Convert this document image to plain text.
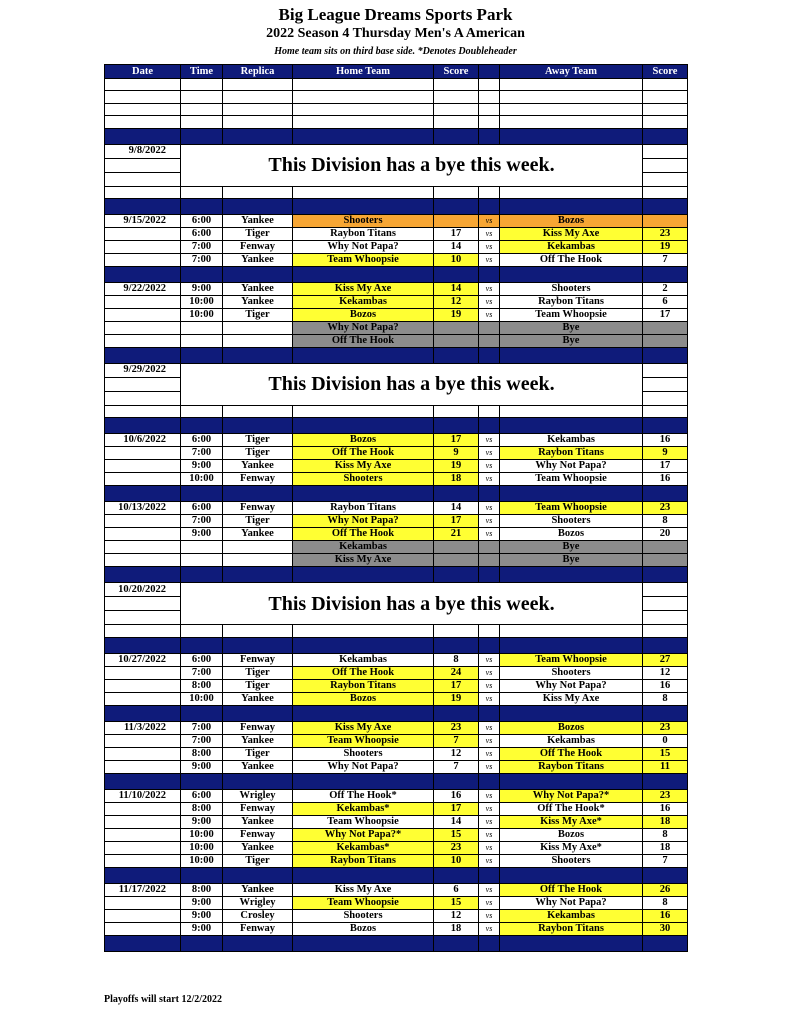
Big League Dreams Sports Park
2022 Season 4 Thursday Men's A American
Home team sits on third base side. *Denotes Doubleheader
Date	Time	Replica	Home Team	Score		Away Team	Score

9/8/2022	This Division has a bye this week.						

9/15/2022	6:00	Yankee	Shooters		vs	Bozos	
	6:00	Tiger	Raybon Titans	17	vs	Kiss My Axe	23
	7:00	Fenway	Why Not Papa?	14	vs	Kekambas	19
	7:00	Yankee	Team Whoopsie	10	vs	Off The Hook	7

9/22/2022	9:00	Yankee	Kiss My Axe	14	vs	Shooters	2
	10:00	Yankee	Kekambas	12	vs	Raybon Titans	6
	10:00	Tiger	Bozos	19	vs	Team Whoopsie	17
			Why Not Papa?			Bye	
			Off The Hook			Bye	

9/29/2022	This Division has a bye this week.						

10/6/2022	6:00	Tiger	Bozos	17	vs	Kekambas	16
	7:00	Tiger	Off The Hook	9	vs	Raybon Titans	9
	9:00	Yankee	Kiss My Axe	19	vs	Why Not Papa?	17
	10:00	Fenway	Shooters	18	vs	Team Whoopsie	16

10/13/2022	6:00	Fenway	Raybon Titans	14	vs	Team Whoopsie	23
	7:00	Tiger	Why Not Papa?	17	vs	Shooters	8
	9:00	Yankee	Off The Hook	21	vs	Bozos	20
			Kekambas			Bye	
			Kiss My Axe			Bye	

10/20/2022	This Division has a bye this week.						

10/27/2022	6:00	Fenway	Kekambas	8	vs	Team Whoopsie	27
	7:00	Tiger	Off The Hook	24	vs	Shooters	12
	8:00	Tiger	Raybon Titans	17	vs	Why Not Papa?	16
	10:00	Yankee	Bozos	19	vs	Kiss My Axe	8

11/3/2022	7:00	Fenway	Kiss My Axe	23	vs	Bozos	23
	7:00	Yankee	Team Whoopsie	7	vs	Kekambas	0
	8:00	Tiger	Shooters	12	vs	Off The Hook	15
	9:00	Yankee	Why Not Papa?	7	vs	Raybon Titans	11

11/10/2022	6:00	Wrigley	Off The Hook*	16	vs	Why Not Papa?*	23
	8:00	Fenway	Kekambas*	17	vs	Off The Hook*	16
	9:00	Yankee	Team Whoopsie	14	vs	Kiss My Axe*	18
	10:00	Fenway	Why Not Papa?*	15	vs	Bozos	8
	10:00	Yankee	Kekambas*	23	vs	Kiss My Axe*	18
	10:00	Tiger	Raybon Titans	10	vs	Shooters	7

11/17/2022	8:00	Yankee	Kiss My Axe	6	vs	Off The Hook	26
	9:00	Wrigley	Team Whoopsie	15	vs	Why Not Papa?	8
	9:00	Crosley	Shooters	12	vs	Kekambas	16
	9:00	Fenway	Bozos	18	vs	Raybon Titans	30

Playoffs will start 12/2/2022
